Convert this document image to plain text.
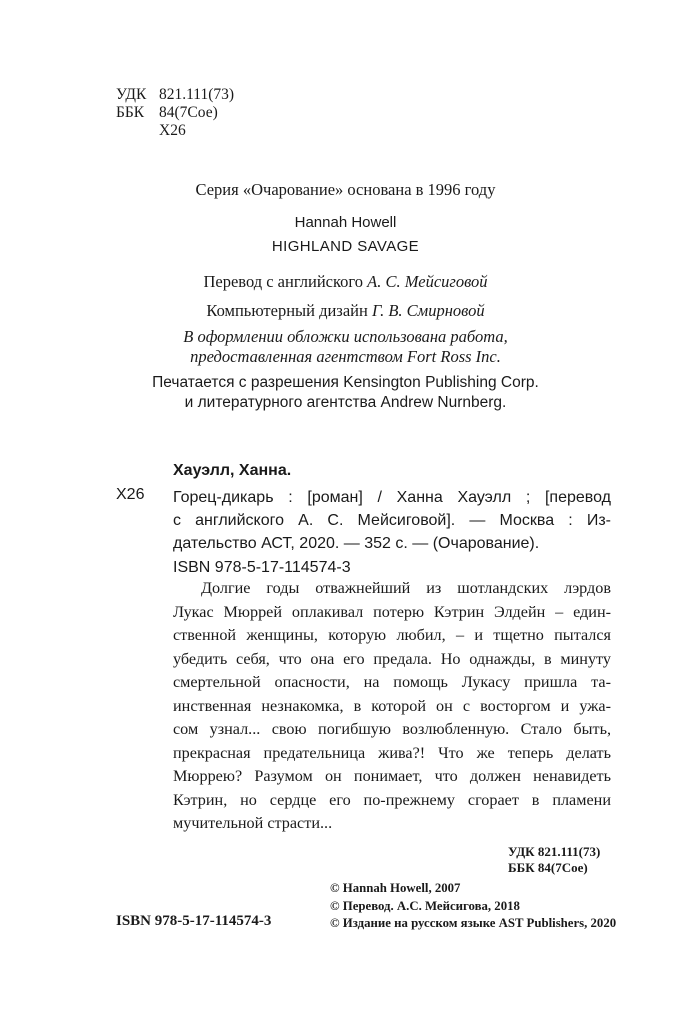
УДК 821.111(73)
ББК 84(7Сое)
Х26
Серия «Очарование» основана в 1996 году
Hannah Howell
HIGHLAND SAVAGE
Перевод с английского А. С. Мейсиговой
Компьютерный дизайн Г. В. Смирновой
В оформлении обложки использована работа,
предоставленная агентством Fort Ross Inc.
Печатается с разрешения Kensington Publishing Corp.
и литературного агентства Andrew Nurnberg.
Хауэлл, Ханна.
Х26 Горец-дикарь : [роман] / Ханна Хауэлл ; [перевод
с английского А. С. Мейсиговой]. — Москва : Из-
дательство АСТ, 2020. — 352 с. — (Очарование).
ISBN 978-5-17-114574-3
Долгие годы отважнейший из шотландских лэрдов
Лукас Мюррей оплакивал потерю Кэтрин Элдейн – един-
ственной женщины, которую любил, – и тщетно пытался
убедить себя, что она его предала. Но однажды, в минуту
смертельной опасности, на помощь Лукасу пришла та-
инственная незнакомка, в которой он с восторгом и ужа-
сом узнал... свою погибшую возлюбленную. Стало быть,
прекрасная предательница жива?! Что же теперь делать
Мюррею? Разумом он понимает, что должен ненавидеть
Кэтрин, но сердце его по-прежнему сгорает в пламени
мучительной страсти...
УДК 821.111(73)
ББК 84(7Сое)
© Hannah Howell, 2007
© Перевод. А.С. Мейсигова, 2018
© Издание на русском языке AST Publishers, 2020
ISBN 978-5-17-114574-3
